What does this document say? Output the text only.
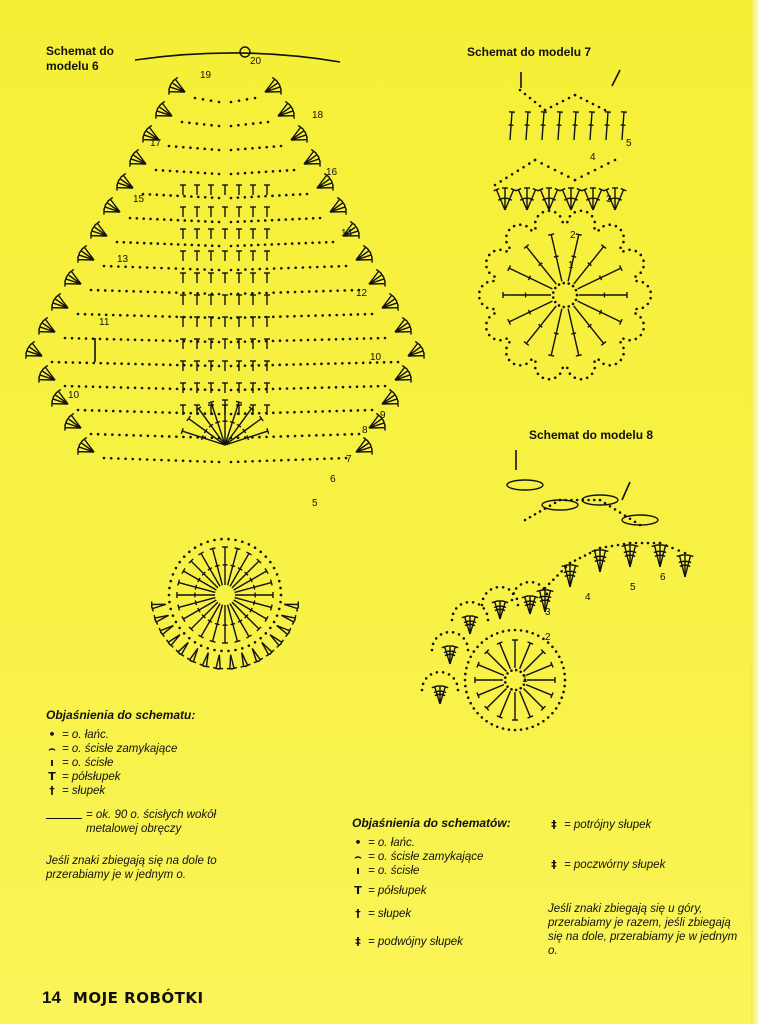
Schemat do modelu 6
Schemat do modelu 7
Schemat do modelu 8
20
19
18
17
16
15
14
13
12
11
10
10
9
8
7
6
5
5
4
3
2
1
6
5
4
3
2
1
Objaśnienia do schematu:
• = o. łańc.
⌢ = o. ścisłe zamykające
ı = o. ścisłe
T = półsłupek
† = słupek
= ok. 90 o. ścisłych wokół metalowej obręczy
Jeśli znaki zbiegają się na dole to przerabiamy je w jednym o.
Objaśnienia do schematów:
• = o. łańc.
⌢ = o. ścisłe zamykające
ı = o. ścisłe
T = półsłupek
† = słupek
‡ = podwójny słupek
‡ = potrójny słupek
‡ = poczwórny słupek
Jeśli znaki zbiegają się u góry, przerabiamy je razem, jeśli zbiegają się na dole, przerabiamy je w jednym o.
14 MOJE ROBÓTKI
